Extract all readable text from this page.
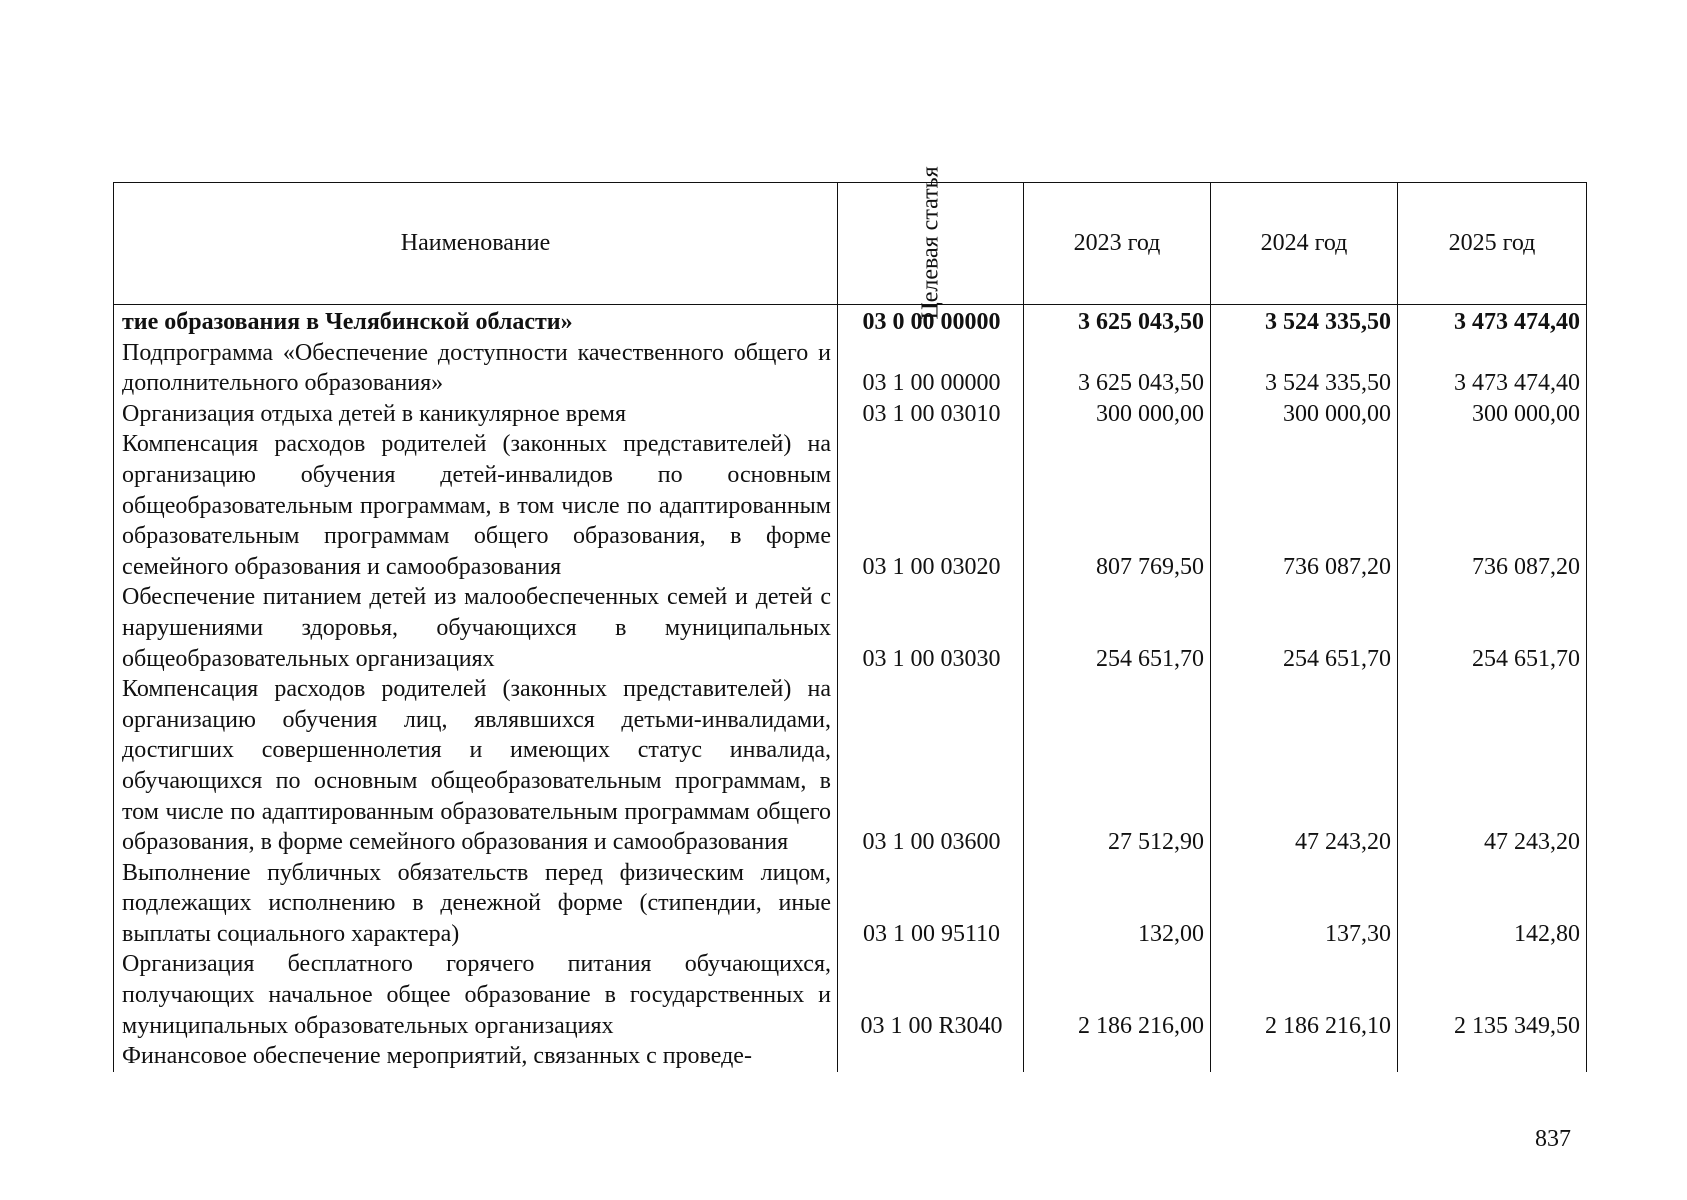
Наименование	Целевая статья	2023 год	2024 год	2025 год
тие образования в Челябинской области»	03 0 00 00000	3 625 043,50	3 524 335,50	3 473 474,40
Подпрограмма «Обеспечение доступности качественного общего и дополнительного образования»	03 1 00 00000	3 625 043,50	3 524 335,50	3 473 474,40
Организация отдыха детей в каникулярное время	03 1 00 03010	300 000,00	300 000,00	300 000,00
Компенсация расходов родителей (законных представителей) на организацию обучения детей-инвалидов по основным общеобразовательным программам, в том числе по адаптированным образовательным программам общего образования, в форме семейного образования и самообразования	03 1 00 03020	807 769,50	736 087,20	736 087,20
Обеспечение питанием детей из малообеспеченных семей и детей с нарушениями здоровья, обучающихся в муниципальных общеобразовательных организациях	03 1 00 03030	254 651,70	254 651,70	254 651,70
Компенсация расходов родителей (законных представителей) на организацию обучения лиц, являвшихся детьми-инвалидами, достигших совершеннолетия и имеющих статус инвалида, обучающихся по основным общеобразовательным программам, в том числе по адаптированным образовательным программам общего образования, в форме семейного образования и самообразования	03 1 00 03600	27 512,90	47 243,20	47 243,20
Выполнение публичных обязательств перед физическим лицом, подлежащих исполнению в денежной форме (стипендии, иные выплаты социального характера)	03 1 00 95110	132,00	137,30	142,80
Организация бесплатного горячего питания обучающихся, получающих начальное общее образование в государственных и муниципальных образовательных организациях	03 1 00 R3040	2 186 216,00	2 186 216,10	2 135 349,50
Финансовое обеспечение мероприятий, связанных с проведе-				
837
